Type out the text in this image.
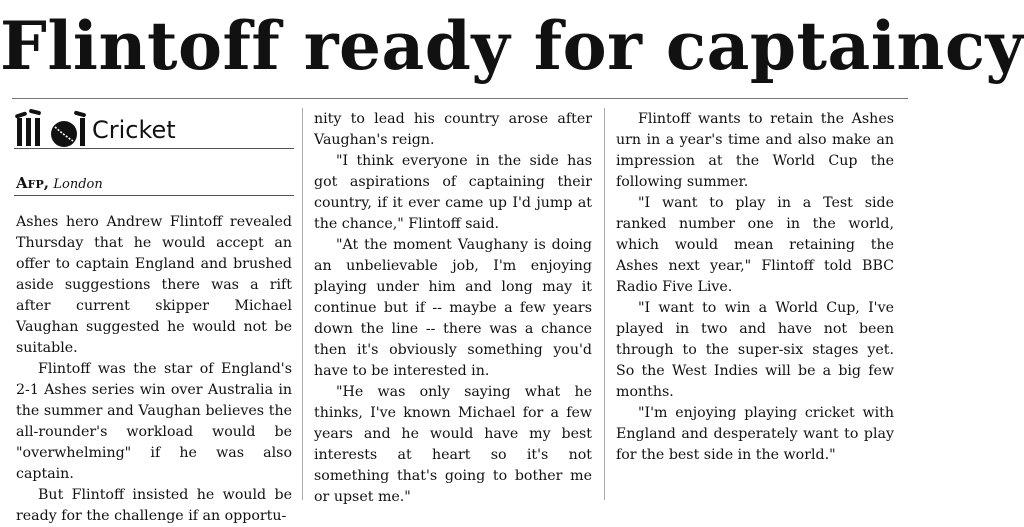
Flintoff ready for captaincy
Cricket
Afp, London

Ashes hero Andrew Flintoff revealed Thursday that he would accept an offer to captain England and brushed aside suggestions there was a rift after current skipper Michael Vaughan suggested he would not be suitable.

Flintoff was the star of England's 2-1 Ashes series win over Australia in the summer and Vaughan believes the all-rounder's workload would be "overwhelming" if he was also captain.

But Flintoff insisted he would be ready for the challenge if an opportu-

nity to lead his country arose after Vaughan's reign.

"I think everyone in the side has got aspirations of captaining their country, if it ever came up I'd jump at the chance," Flintoff said.

"At the moment Vaughany is doing an unbelievable job, I'm enjoying playing under him and long may it continue but if -- maybe a few years down the line -- there was a chance then it's obviously something you'd have to be interested in.

"He was only saying what he thinks, I've known Michael for a few years and he would have my best interests at heart so it's not something that's going to bother me or upset me."

Flintoff wants to retain the Ashes urn in a year's time and also make an impression at the World Cup the following summer.

"I want to play in a Test side ranked number one in the world, which would mean retaining the Ashes next year," Flintoff told BBC Radio Five Live.

"I want to win a World Cup, I've played in two and have not been through to the super-six stages yet. So the West Indies will be a big few months.

"I'm enjoying playing cricket with England and desperately want to play for the best side in the world."
